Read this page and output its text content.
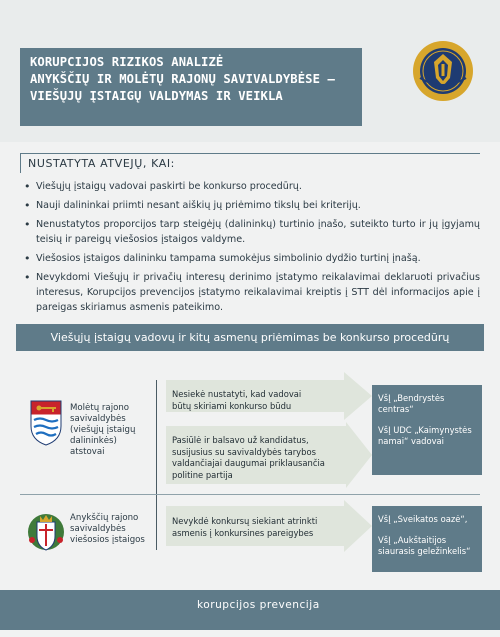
KORUPCIJOS RIZIKOS ANALIZĖ
ANYKŠČIŲ IR MOLĖTŲ RAJONŲ SAVIVALDYBĖSE –
VIEŠŲJŲ ĮSTAIGŲ VALDYMAS IR VEIKLA
NUSTATYTA ATVEJŲ, KAI:
• Viešųjų įstaigų vadovai paskirti be konkurso procedūrų.
• Nauji dalininkai priimti nesant aiškių jų priėmimo tikslų bei kriterijų.
• Nenustatytos proporcijos tarp steigėjų (dalininkų) turtinio įnašo, suteikto turto ir jų įgyjamų teisių ir pareigų viešosios įstaigos valdyme.
• Viešosios įstaigos dalininku tampama sumokėjus simbolinio dydžio turtinį įnašą.
• Nevykdomi Viešųjų ir privačių interesų derinimo įstatymo reikalavimai deklaruoti privačius interesus, Korupcijos prevencijos įstatymo reikalavimai kreiptis į STT dėl informacijos apie į pareigas skiriamus asmenis pateikimo.
Viešųjų įstaigų vadovų ir kitų asmenų priėmimas be konkurso procedūrų
Molėtų rajono savivaldybės (viešųjų įstaigų dalininkės) atstovai
Anykščių rajono savivaldybės viešosios įstaigos
Nesiekė nustatyti, kad vadovai būtų skiriami konkurso būdu
Pasiūlė ir balsavo už kandidatus, susijusius su savivaldybės tarybos valdančiajai daugumai priklausančia politine partija

VšĮ „Bendrystės centras“

VšĮ UDC „Kaimynystės namai“ vadovai

Nevykdė konkursų siekiant atrinkti asmenis į konkursines pareigybes

VšĮ „Sveikatos oazė“,

VšĮ „Aukštaitijos siaurasis geležinkelis“

korupcijos prevencija
